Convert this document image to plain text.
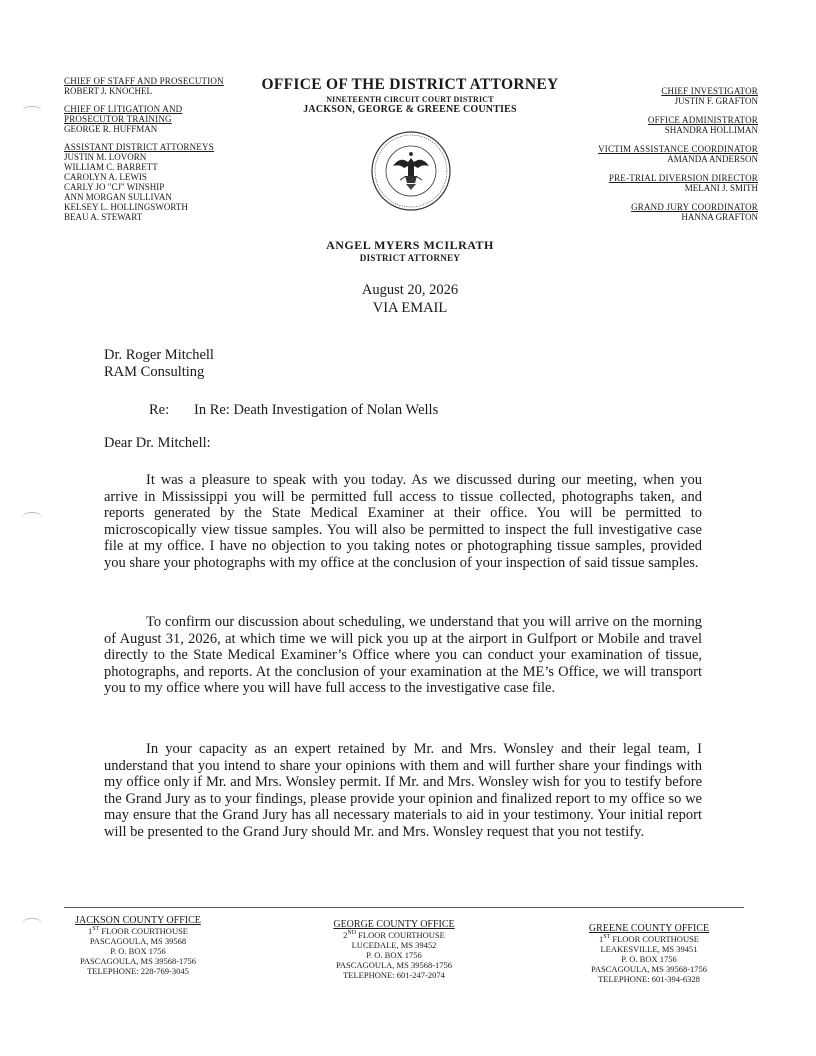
CHIEF OF STAFF AND PROSECUTION
ROBERT J. KNOCHEL
CHIEF OF LITIGATION AND
PROSECUTOR TRAINING
GEORGE R. HUFFMAN
ASSISTANT DISTRICT ATTORNEYS
JUSTIN M. LOVORN
WILLIAM C. BARRETT
CAROLYN A. LEWIS
CARLY JO "CJ" WINSHIP
ANN MORGAN SULLIVAN
KELSEY L. HOLLINGSWORTH
BEAU A. STEWART
OFFICE OF THE DISTRICT ATTORNEY
NINETEENTH CIRCUIT COURT DISTRICT
JACKSON, GEORGE & GREENE COUNTIES
ANGEL MYERS MCILRATH
DISTRICT ATTORNEY
CHIEF INVESTIGATOR
JUSTIN F. GRAFTON
OFFICE ADMINISTRATOR
SHANDRA HOLLIMAN
VICTIM ASSISTANCE COORDINATOR
AMANDA ANDERSON
PRE-TRIAL DIVERSION DIRECTOR
MELANI J. SMITH
GRAND JURY COORDINATOR
HANNA GRAFTON
August 20, 2026
VIA EMAIL
Dr. Roger Mitchell
RAM Consulting
Re: In Re: Death Investigation of Nolan Wells
Dear Dr. Mitchell:
It was a pleasure to speak with you today. As we discussed during our meeting, when you arrive in Mississippi you will be permitted full access to tissue collected, photographs taken, and reports generated by the State Medical Examiner at their office. You will be permitted to microscopically view tissue samples. You will also be permitted to inspect the full investigative case file at my office. I have no objection to you taking notes or photographing tissue samples, provided you share your photographs with my office at the conclusion of your inspection of said tissue samples.
To confirm our discussion about scheduling, we understand that you will arrive on the morning of August 31, 2026, at which time we will pick you up at the airport in Gulfport or Mobile and travel directly to the State Medical Examiner’s Office where you can conduct your examination of tissue, photographs, and reports. At the conclusion of your examination at the ME’s Office, we will transport you to my office where you will have full access to the investigative case file.
In your capacity as an expert retained by Mr. and Mrs. Wonsley and their legal team, I understand that you intend to share your opinions with them and will further share your findings with my office only if Mr. and Mrs. Wonsley permit. If Mr. and Mrs. Wonsley wish for you to testify before the Grand Jury as to your findings, please provide your opinion and finalized report to my office so we may ensure that the Grand Jury has all necessary materials to aid in your testimony. Your initial report will be presented to the Grand Jury should Mr. and Mrs. Wonsley request that you not testify.
JACKSON COUNTY OFFICE
1ST FLOOR COURTHOUSE
PASCAGOULA, MS 39568
P. O. BOX 1756
PASCAGOULA, MS 39568-1756
TELEPHONE: 228-769-3045
GEORGE COUNTY OFFICE
2ND FLOOR COURTHOUSE
LUCEDALE, MS 39452
P. O. BOX 1756
PASCAGOULA, MS 39568-1756
TELEPHONE: 601-247-2074
GREENE COUNTY OFFICE
1ST FLOOR COURTHOUSE
LEAKESVILLE, MS 39451
P. O. BOX 1756
PASCAGOULA, MS 39568-1756
TELEPHONE: 601-394-6328
